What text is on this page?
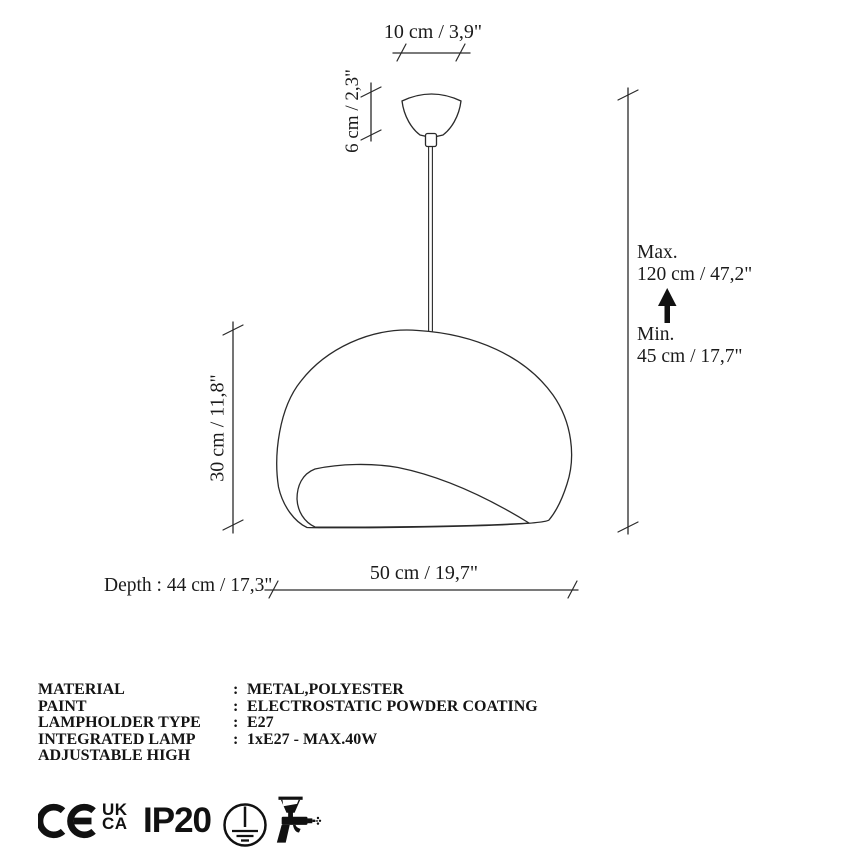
10 cm / 3,9"
6 cm / 2,3"
30 cm / 11,8"
Max.
120 cm / 47,2"
Min.
45 cm / 17,7"
50 cm / 19,7"
Depth : 44 cm / 17,3"
MATERIAL	: METAL,POLYESTER
PAINT	: ELECTROSTATIC POWDER COATING
LAMPHOLDER TYPE	: E27
INTEGRATED LAMP	: 1xE27 - MAX.40W
ADJUSTABLE HIGH
UK
CA IP20
